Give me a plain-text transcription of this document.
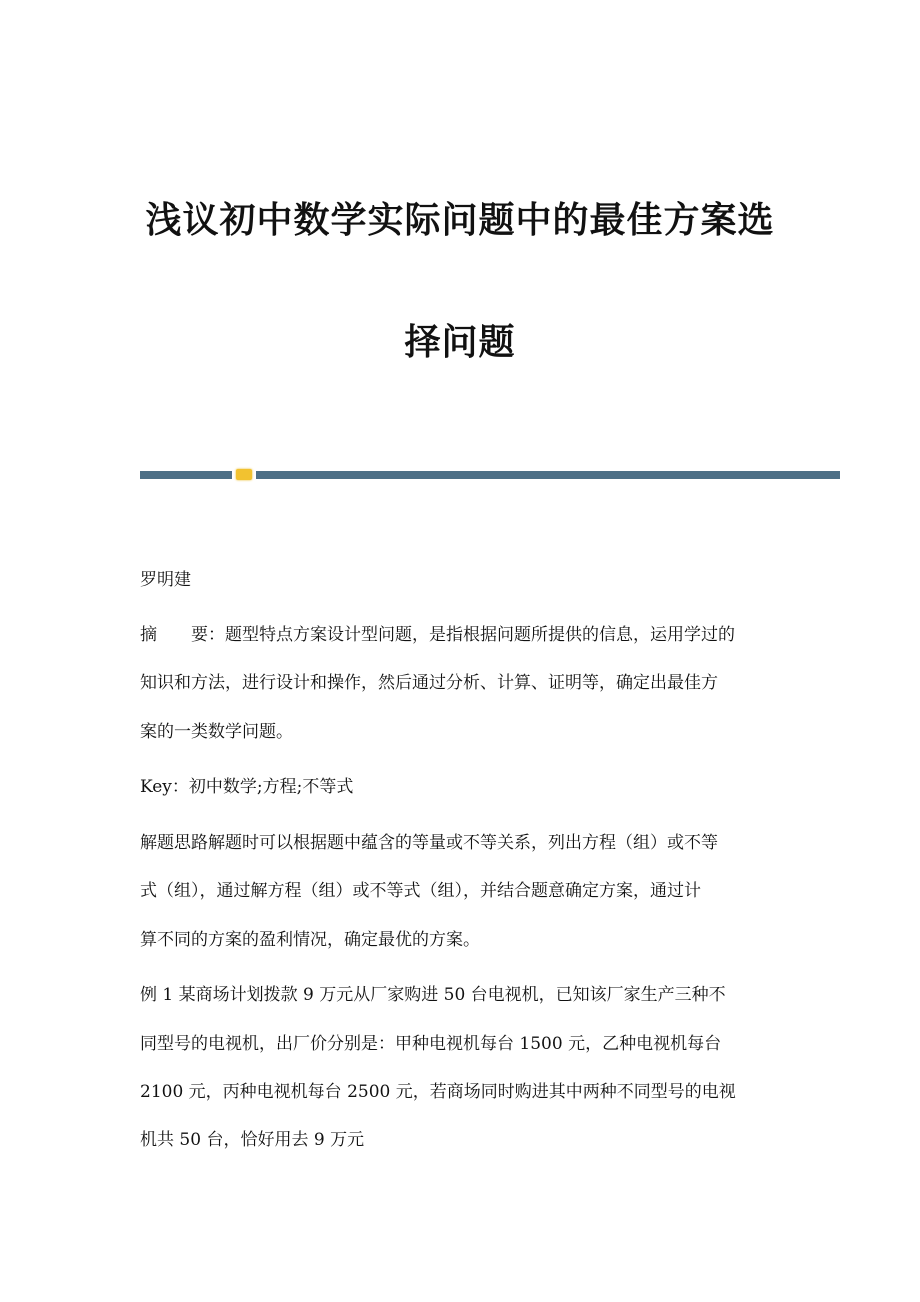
浅议初中数学实际问题中的最佳方案选
择问题
罗明建
摘　　要：题型特点方案设计型问题，是指根据问题所提供的信息，运用学过的
知识和方法，进行设计和操作，然后通过分析、计算、证明等，确定出最佳方
案的一类数学问题。
Key：初中数学;方程;不等式
解题思路解题时可以根据题中蕴含的等量或不等关系，列出方程（组）或不等
式（组），通过解方程（组）或不等式（组），并结合题意确定方案，通过计
算不同的方案的盈利情况，确定最优的方案。
例 1 某商场计划拨款 9 万元从厂家购进 50 台电视机，已知该厂家生产三种不
同型号的电视机，出厂价分别是：甲种电视机每台 1500 元，乙种电视机每台
2100 元，丙种电视机每台 2500 元，若商场同时购进其中两种不同型号的电视
机共 50 台，恰好用去 9 万元
